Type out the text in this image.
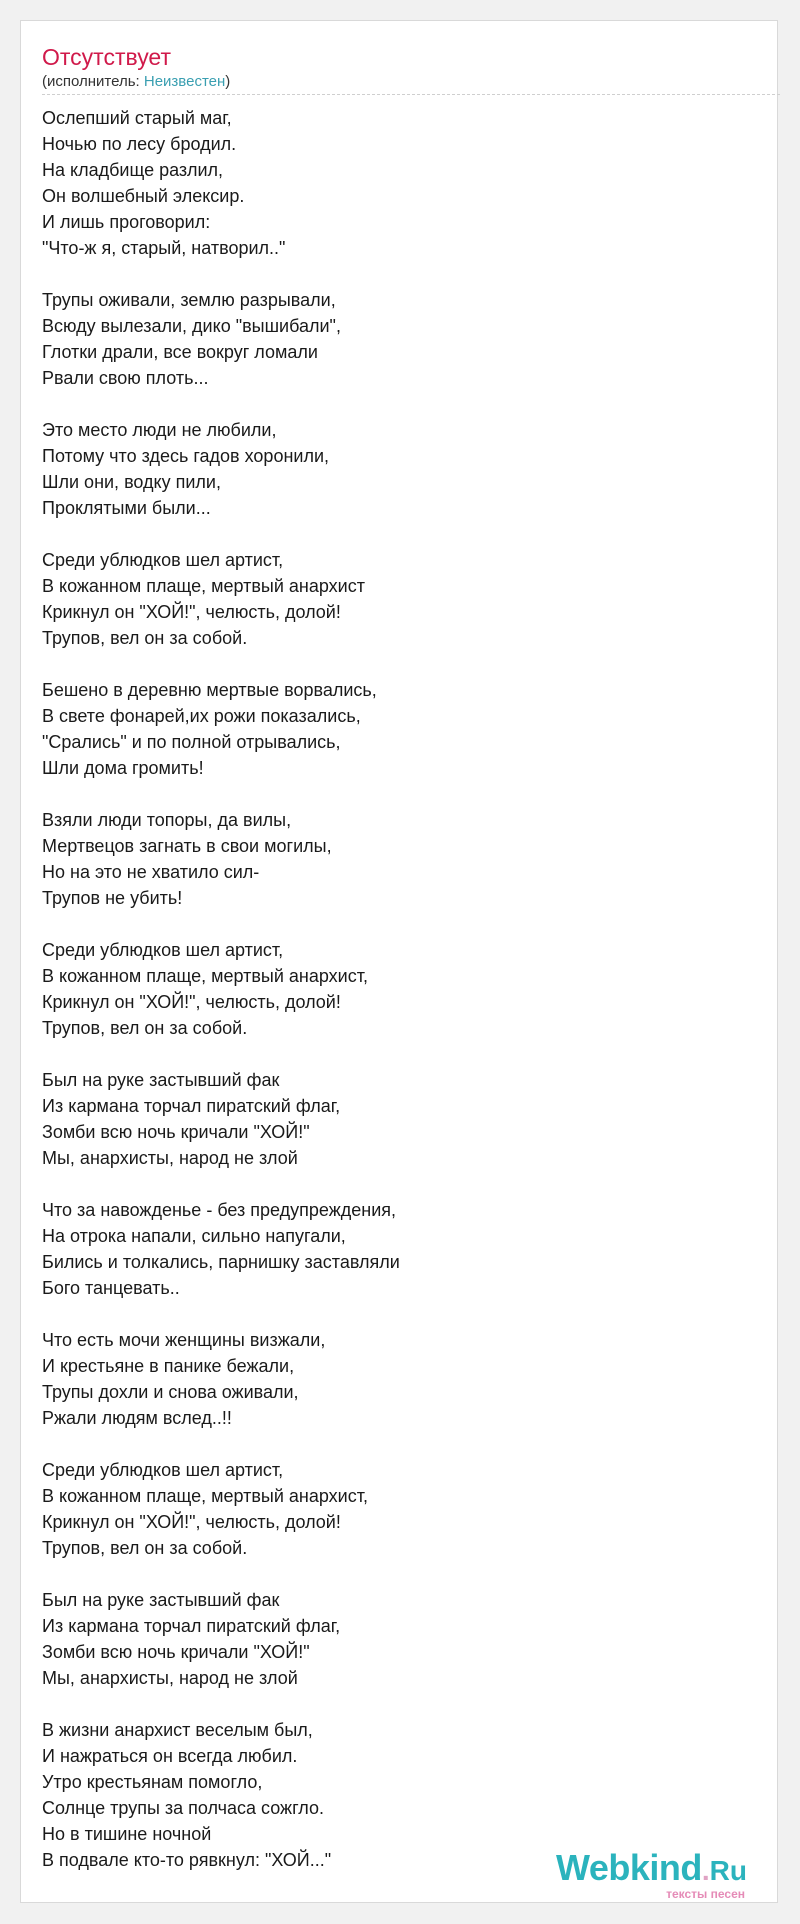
Отсутствует
(исполнитель: Неизвестен)
Ослепший старый маг,
Ночью по лесу бродил.
На кладбище разлил,
Он волшебный элексир.
И лишь проговорил:
"Что-ж я, старый, натворил.."
Трупы оживали, землю разрывали,
Всюду вылезали, дико "вышибали",
Глотки драли, все вокруг ломали
Рвали свою плоть...
Это место люди не любили,
Потому что здесь гадов хоронили,
Шли они, водку пили,
Проклятыми были...
Среди ублюдков шел артист,
В кожанном плаще, мертвый анархист
Крикнул он "ХОЙ!", челюсть, долой!
Трупов, вел он за собой.
Бешено в деревню мертвые ворвались,
В свете фонарей,их рожи показались,
"Срались" и по полной отрывались,
Шли дома громить!
Взяли люди топоры, да вилы,
Мертвецов загнать в свои могилы,
Но на это не хватило сил-
Трупов не убить!
Среди ублюдков шел артист,
В кожанном плаще, мертвый анархист,
Крикнул он "ХОЙ!", челюсть, долой!
Трупов, вел он за собой.
Был на руке застывший фак
Из кармана торчал пиратский флаг,
Зомби всю ночь кричали "ХОЙ!"
Мы, анархисты, народ не злой
Что за навожденье - без предупреждения,
На отрока напали, сильно напугали,
Бились и толкались, парнишку заставляли
Бого танцевать..
Что есть мочи женщины визжали,
И крестьяне в панике бежали,
Трупы дохли и снова оживали,
Ржали людям вслед..!!
Среди ублюдков шел артист,
В кожанном плаще, мертвый анархист,
Крикнул он "ХОЙ!", челюсть, долой!
Трупов, вел он за собой.
Был на руке застывший фак
Из кармана торчал пиратский флаг,
Зомби всю ночь кричали "ХОЙ!"
Мы, анархисты, народ не злой
В жизни анархист веселым был,
И нажраться он всегда любил.
Утро крестьянам помогло,
Солнце трупы за полчаса сожгло.
Но в тишине ночной
В подвале кто-то рявкнул: "ХОЙ..."	Webkind.Ru
тексты песен
